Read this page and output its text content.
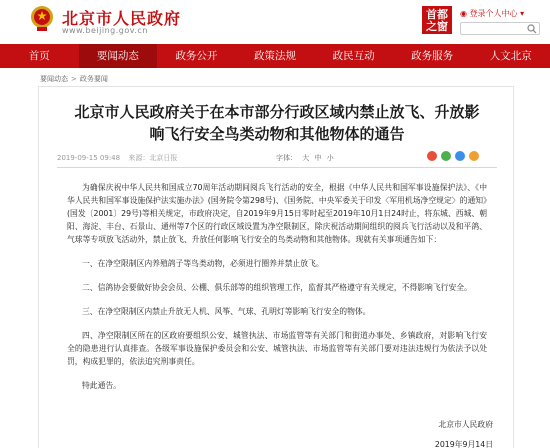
北京市人民政府
www.beijing.gov.cn
首都
之窗
◉ 登录个人中心 ▾
首页	要闻动态	政务公开	政策法规	政民互动	政务服务	人文北京
要闻动态 > 政务要闻
北京市人民政府关于在本市部分行政区域内禁止放飞、升放影响飞行安全鸟类动物和其他物体的通告
2019-09-15 09:48 来源：北京日报	字体： 大 中 小

为确保庆祝中华人民共和国成立70周年活动期间阅兵飞行活动的安全，根据《中华人民共和国军事设施保护法》、《中华人民共和国军事设施保护法实施办法》(国务院令第298号)、《国务院、中央军委关于印发〈军用机场净空规定〉的通知》(国发〔2001〕29号)等相关规定，市政府决定，自2019年9月15日零时起至2019年10月1日24时止，将东城、西城、朝阳、海淀、丰台、石景山、通州等7个区的行政区域设置为净空限制区，除庆祝活动期间组织的阅兵飞行活动以及和平鸽、气球等专项放飞活动外，禁止放飞、升放任何影响飞行安全的鸟类动物和其他物体。现就有关事项通告如下：

一、在净空限制区内养殖鸽子等鸟类动物，必须进行圈养并禁止放飞。

二、信鸽协会要做好协会会员、公棚、俱乐部等的组织管理工作，监督其严格遵守有关规定，不得影响飞行安全。

三、在净空限制区内禁止升放无人机、风筝、气球、孔明灯等影响飞行安全的物体。

四、净空限制区所在的区政府要组织公安、城管执法、市场监管等有关部门和街道办事处、乡镇政府，对影响飞行安全的隐患进行认真排查。各级军事设施保护委员会和公安、城管执法、市场监管等有关部门要对违法违规行为依法予以处罚，构成犯罪的，依法追究刑事责任。

特此通告。

北京市人民政府
2019年9月14日
